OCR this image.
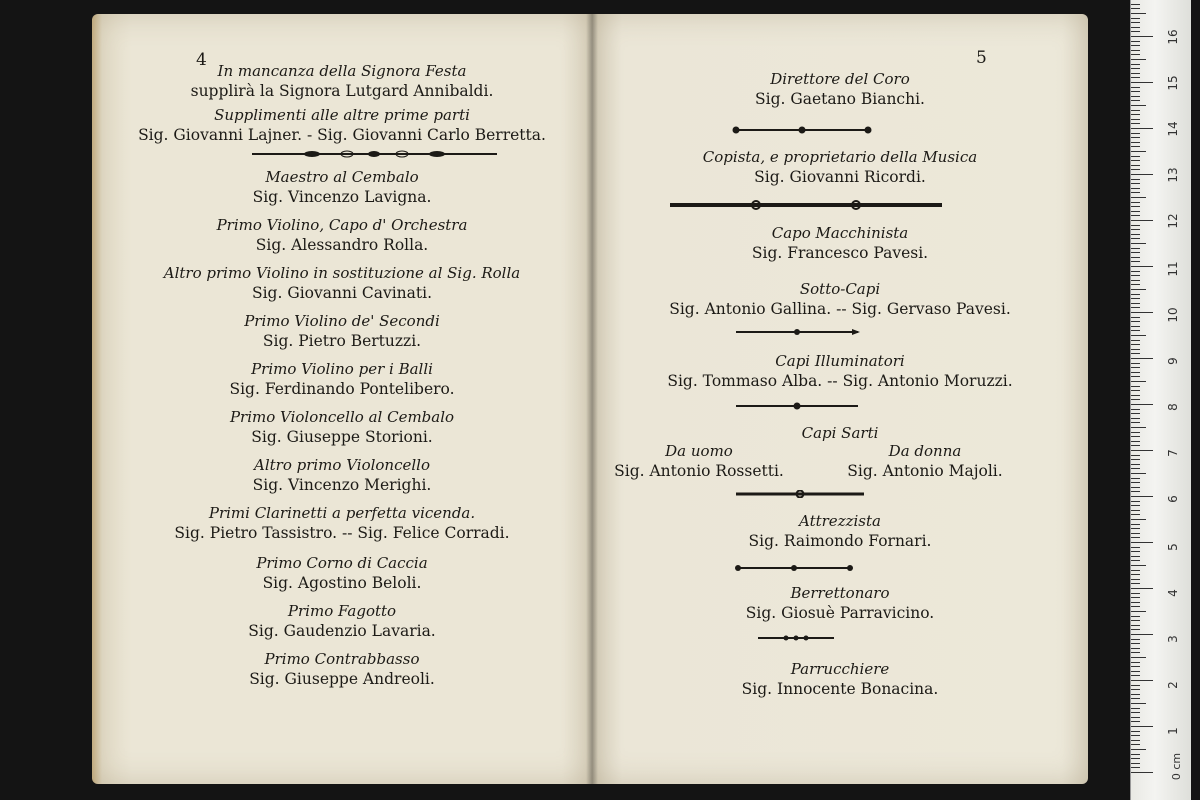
4
In mancanza della Signora Festa
supplirà la Signora Lutgard Annibaldi.
Supplimenti alle altre prime parti
Sig. Giovanni Lajner. - Sig. Giovanni Carlo Berretta.
Maestro al Cembalo
Sig. Vincenzo Lavigna.
Primo Violino, Capo d' Orchestra
Sig. Alessandro Rolla.
Altro primo Violino in sostituzione al Sig. Rolla
Sig. Giovanni Cavinati.
Primo Violino de' Secondi
Sig. Pietro Bertuzzi.
Primo Violino per i Balli
Sig. Ferdinando Pontelibero.
Primo Violoncello al Cembalo
Sig. Giuseppe Storioni.
Altro primo Violoncello
Sig. Vincenzo Merighi.
Primi Clarinetti a perfetta vicenda.
Sig. Pietro Tassistro. -- Sig. Felice Corradi.
Primo Corno di Caccia
Sig. Agostino Beloli.
Primo Fagotto
Sig. Gaudenzio Lavaria.
Primo Contrabbasso
Sig. Giuseppe Andreoli.
5
Direttore del Coro
Sig. Gaetano Bianchi.
Copista, e proprietario della Musica
Sig. Giovanni Ricordi.
Capo Macchinista
Sig. Francesco Pavesi.
Sotto-Capi
Sig. Antonio Gallina. -- Sig. Gervaso Pavesi.
Capi Illuminatori
Sig. Tommaso Alba. -- Sig. Antonio Moruzzi.
Capi Sarti
Da uomo
Sig. Antonio Rossetti.
Da donna
Sig. Antonio Majoli.
Attrezzista
Sig. Raimondo Fornari.
Berrettonaro
Sig. Giosuè Parravicino.
Parrucchiere
Sig. Innocente Bonacina.
16
15
14
13
12
11
10
9
8
7
6
5
4
3
2
1
0 cm
